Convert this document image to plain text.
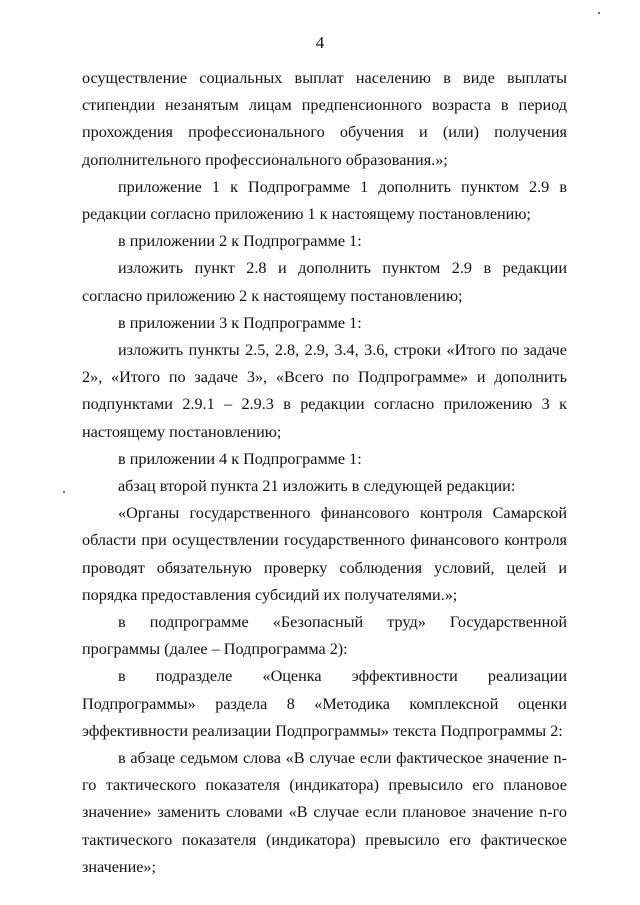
4

осуществление социальных выплат населению в виде выплаты стипендии незанятым лицам предпенсионного возраста в период прохождения профессионального обучения и (или) получения дополнительного профессионального образования.»;

приложение 1 к Подпрограмме 1 дополнить пунктом 2.9 в редакции согласно приложению 1 к настоящему постановлению;

в приложении 2 к Подпрограмме 1:

изложить пункт 2.8 и дополнить пунктом 2.9 в редакции согласно приложению 2 к настоящему постановлению;

в приложении 3 к Подпрограмме 1:

изложить пункты 2.5, 2.8, 2.9, 3.4, 3.6, строки «Итого по задаче 2», «Итого по задаче 3», «Всего по Подпрограмме» и дополнить подпунктами 2.9.1 – 2.9.3 в редакции согласно приложению 3 к настоящему постановлению;

в приложении 4 к Подпрограмме 1:

абзац второй пункта 21 изложить в следующей редакции:

«Органы государственного финансового контроля Самарской области при осуществлении государственного финансового контроля проводят обязательную проверку соблюдения условий, целей и порядка предоставления субсидий их получателями.»;

в подпрограмме «Безопасный труд» Государственной программы (далее – Подпрограмма 2):

в подразделе «Оценка эффективности реализации Подпрограммы» раздела 8 «Методика комплексной оценки эффективности реализации Подпрограммы» текста Подпрограммы 2:

в абзаце седьмом слова «В случае если фактическое значение n-го тактического показателя (индикатора) превысило его плановое значение» заменить словами «В случае если плановое значение n-го тактического показателя (индикатора) превысило его фактическое значение»;
